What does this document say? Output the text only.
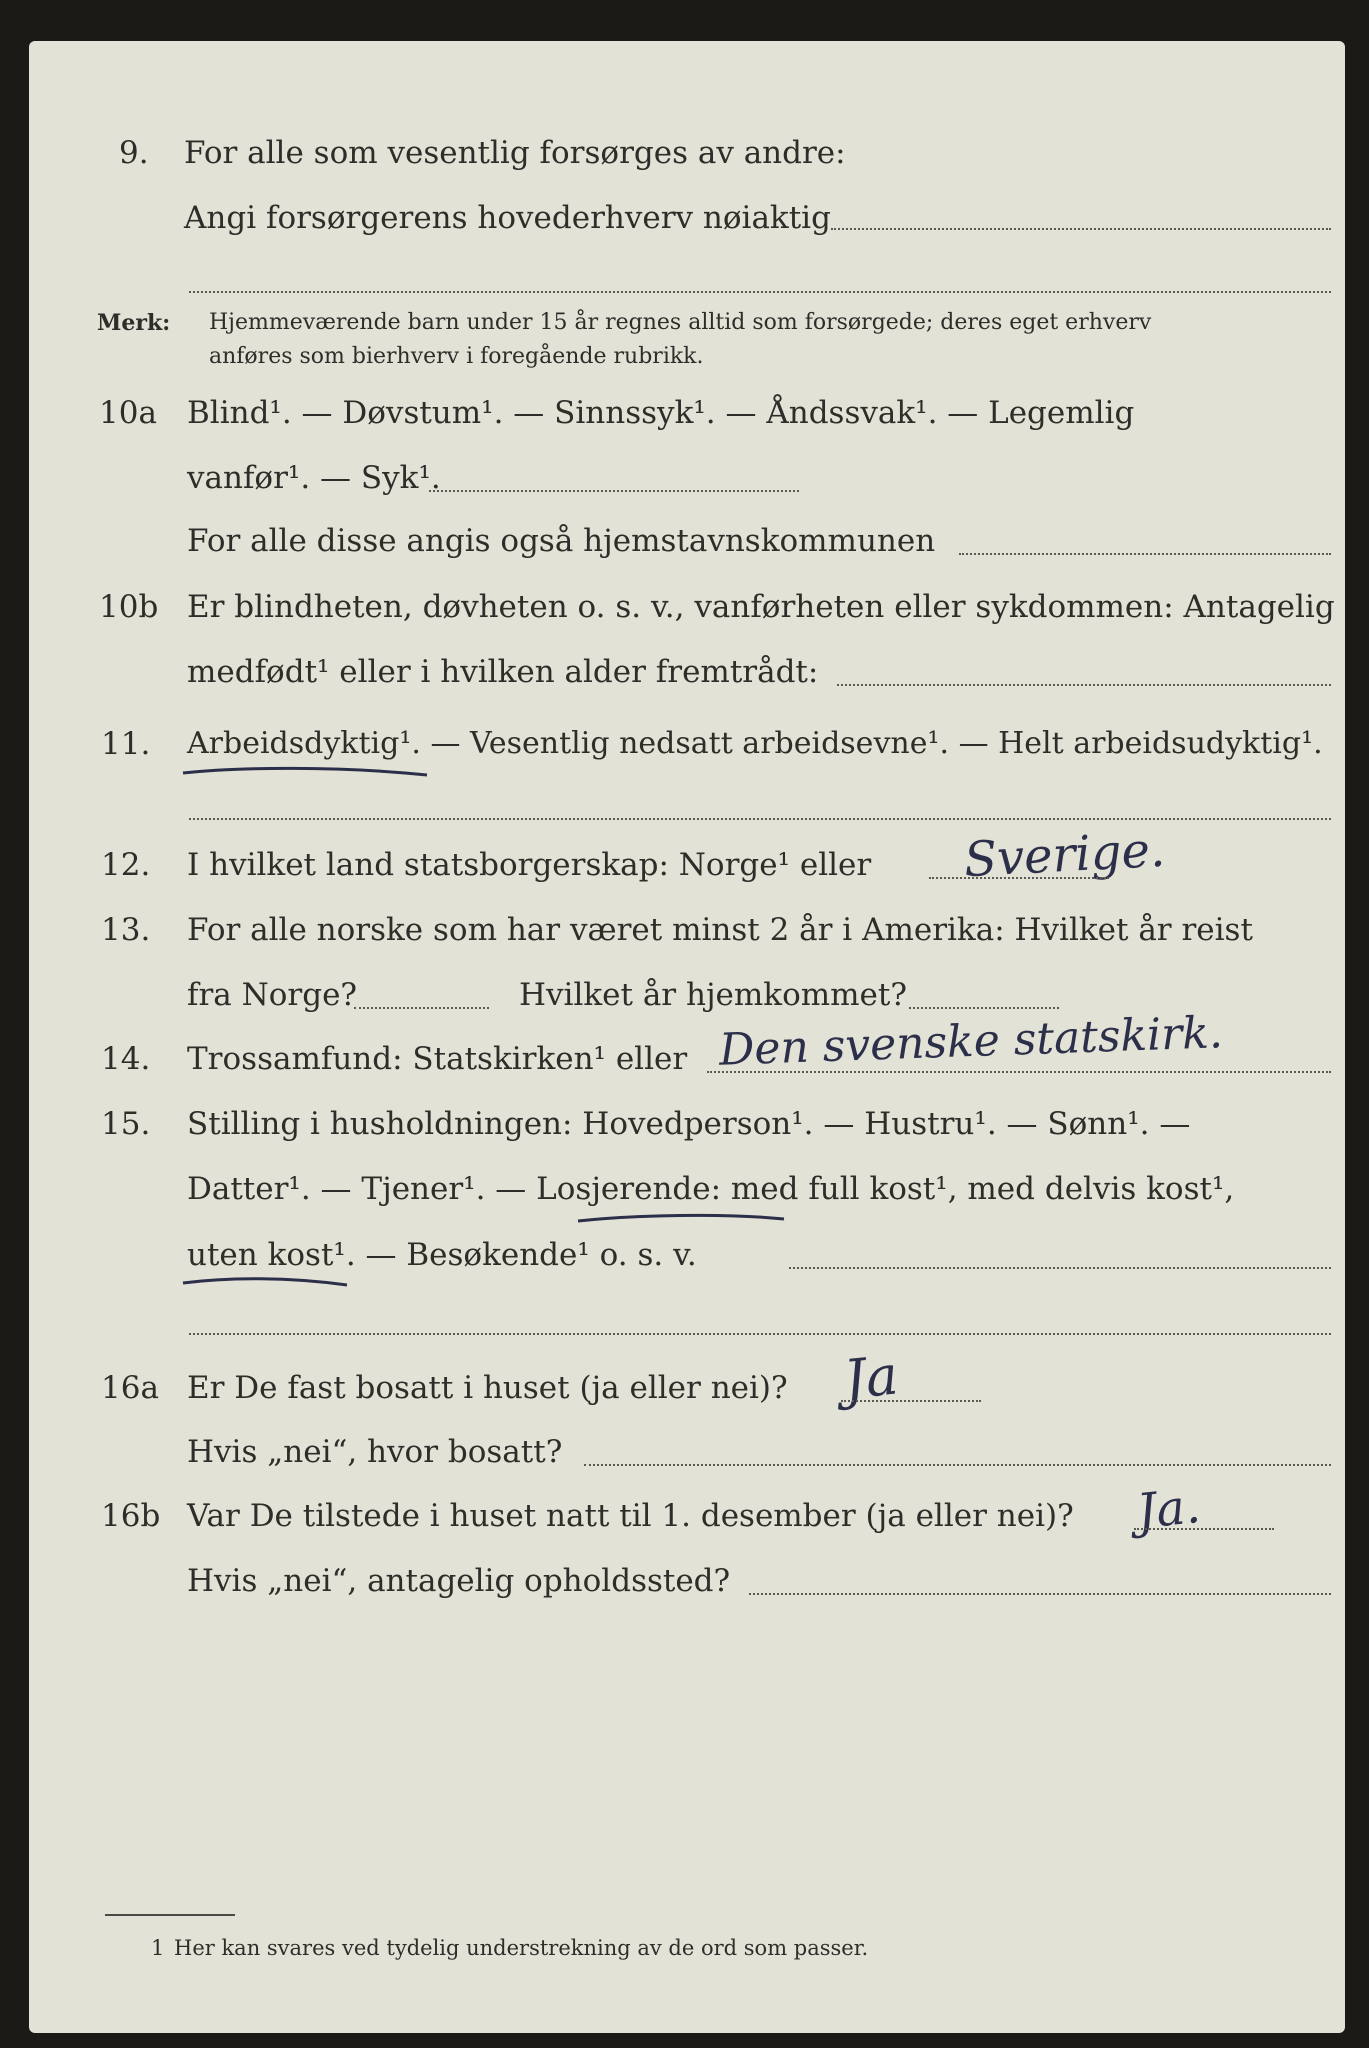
9. For alle som vesentlig forsørges av andre:
Angi forsørgerens hovederhverv nøiaktig
Merk: Hjemmeværende barn under 15 år regnes alltid som forsørgede; deres eget erhverv
anføres som bierhverv i foregående rubrikk.
10a Blind¹. — Døvstum¹. — Sinnssyk¹. — Åndssvak¹. — Legemlig
vanfør¹. — Syk¹.
For alle disse angis også hjemstavnskommunen
10b Er blindheten, døvheten o. s. v., vanførheten eller sykdommen: Antagelig
medfødt¹ eller i hvilken alder fremtrådt:
11. Arbeidsdyktig¹. — Vesentlig nedsatt arbeidsevne¹. — Helt arbeidsudyktig¹.
12. I hvilket land statsborgerskap: Norge¹ eller Sverige.
13. For alle norske som har været minst 2 år i Amerika: Hvilket år reist
fra Norge?	Hvilket år hjemkommet?
14. Trossamfund: Statskirken¹ eller Den svenske statskirk.
15. Stilling i husholdningen: Hovedperson¹. — Hustru¹. — Sønn¹. —
Datter¹. — Tjener¹. — Losjerende: med full kost¹, med delvis kost¹,
uten kost¹. — Besøkende¹ o. s. v.
16a Er De fast bosatt i huset (ja eller nei)? Ja
Hvis „nei“, hvor bosatt?
16b Var De tilstede i huset natt til 1. desember (ja eller nei)? Ja.
Hvis „nei“, antagelig opholdssted?
1 Her kan svares ved tydelig understrekning av de ord som passer.
